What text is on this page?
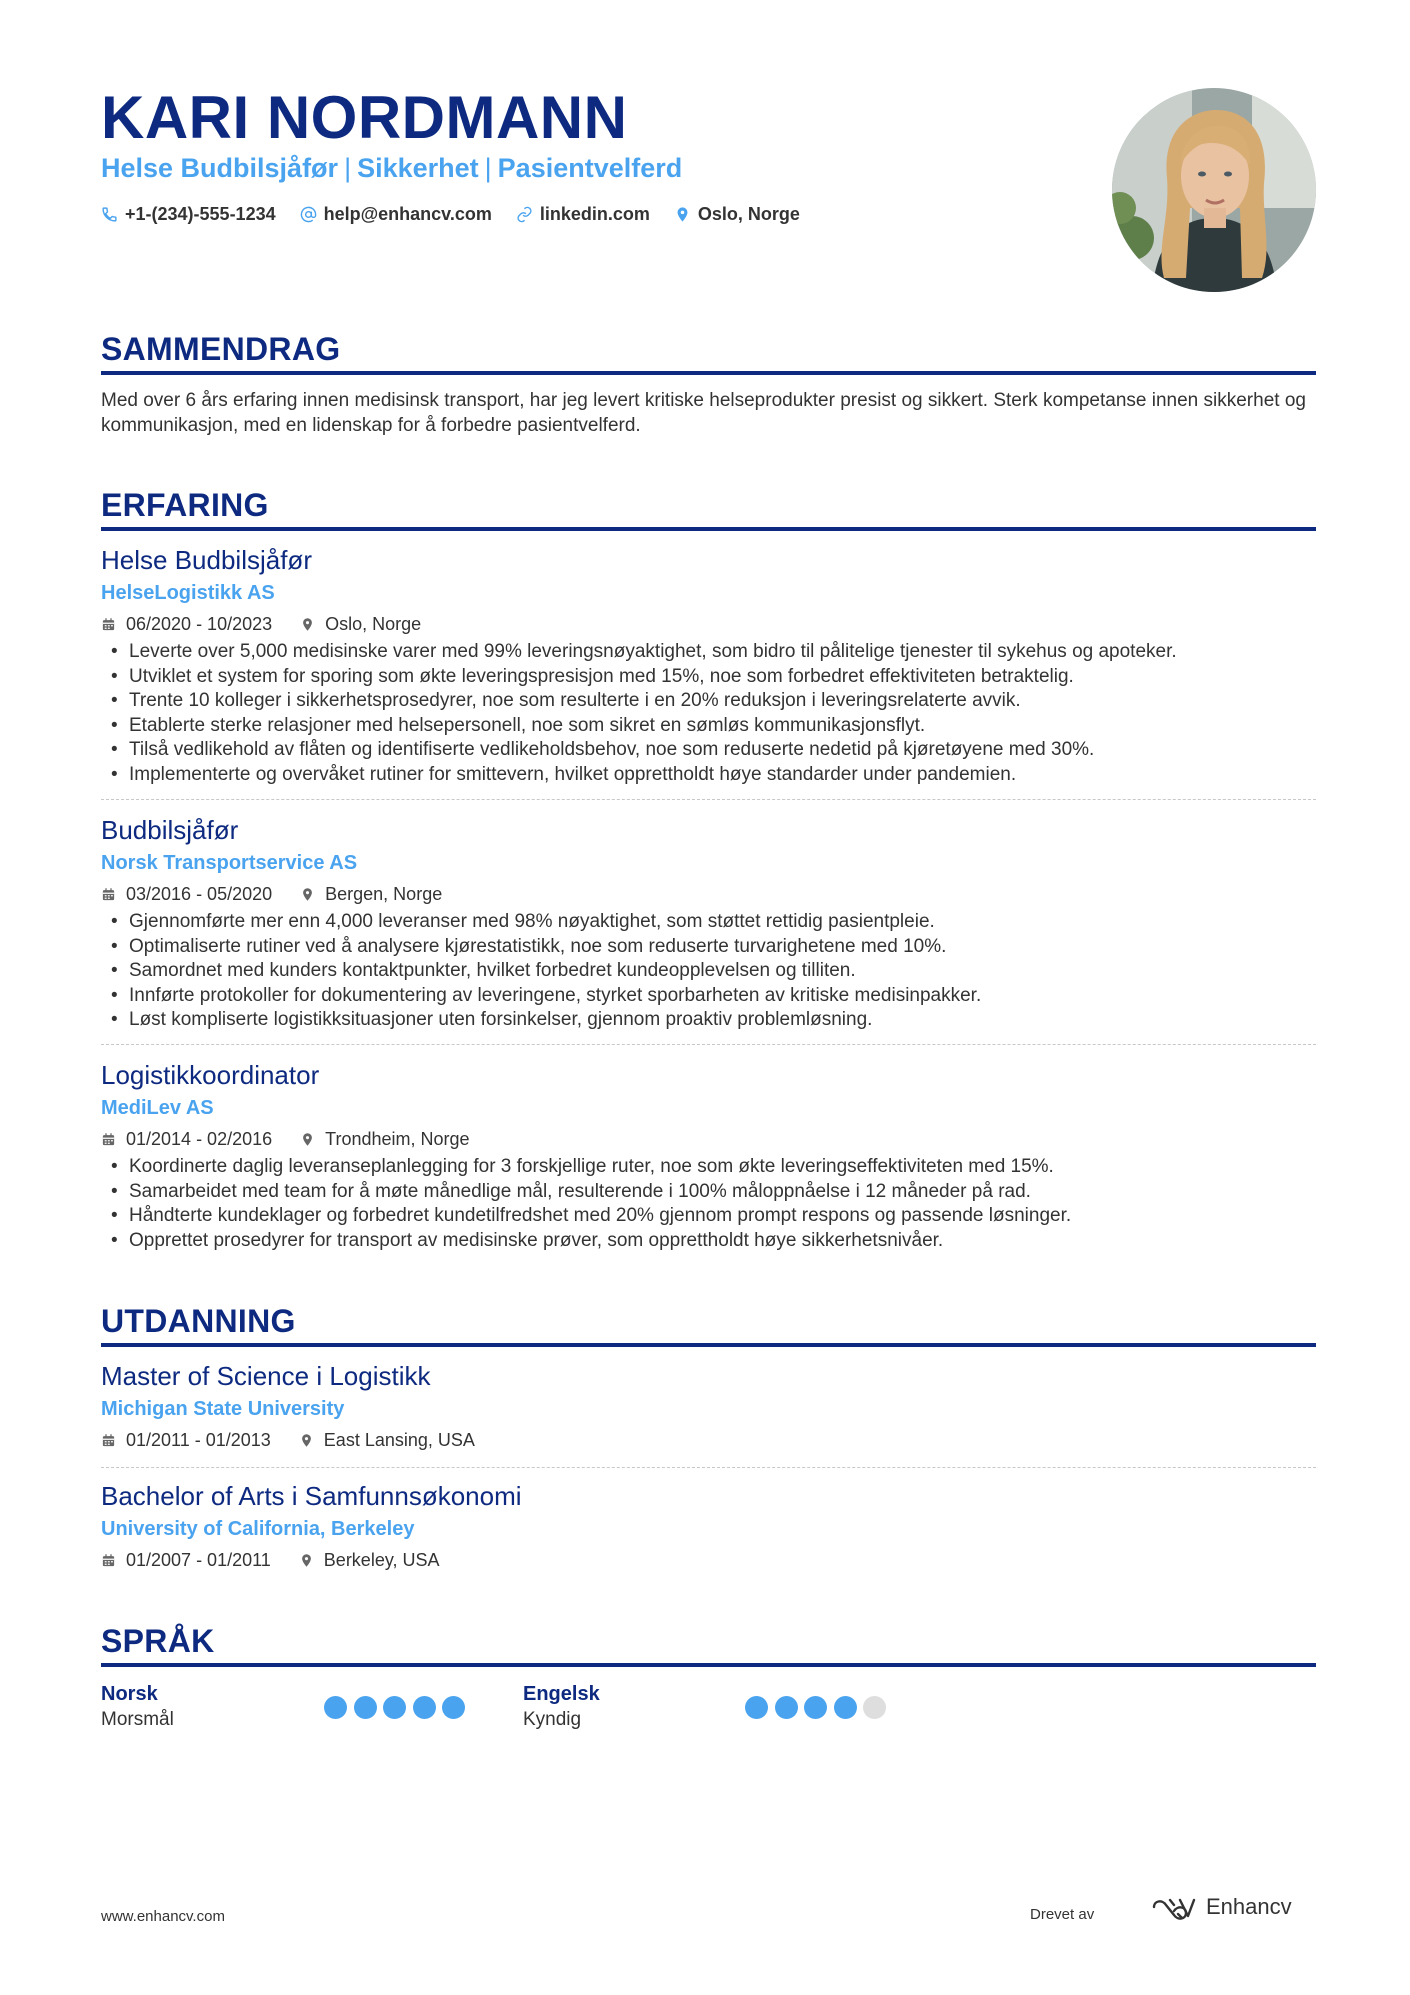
KARI NORDMANN
Helse Budbilsjåfør | Sikkerhet | Pasientvelferd
+1-(234)-555-1234	help@enhancv.com	linkedin.com	Oslo, Norge
SAMMENDRAG
Med over 6 års erfaring innen medisinsk transport, har jeg levert kritiske helseprodukter presist og sikkert. Sterk kompetanse innen sikkerhet og kommunikasjon, med en lidenskap for å forbedre pasientvelferd.
ERFARING
Helse Budbilsjåfør
HelseLogistikk AS
06/2020 - 10/2023	Oslo, Norge
• Leverte over 5,000 medisinske varer med 99% leveringsnøyaktighet, som bidro til pålitelige tjenester til sykehus og apoteker.
• Utviklet et system for sporing som økte leveringspresisjon med 15%, noe som forbedret effektiviteten betraktelig.
• Trente 10 kolleger i sikkerhetsprosedyrer, noe som resulterte i en 20% reduksjon i leveringsrelaterte avvik.
• Etablerte sterke relasjoner med helsepersonell, noe som sikret en sømløs kommunikasjonsflyt.
• Tilså vedlikehold av flåten og identifiserte vedlikeholdsbehov, noe som reduserte nedetid på kjøretøyene med 30%.
• Implementerte og overvåket rutiner for smittevern, hvilket opprettholdt høye standarder under pandemien.
Budbilsjåfør
Norsk Transportservice AS
03/2016 - 05/2020	Bergen, Norge
• Gjennomførte mer enn 4,000 leveranser med 98% nøyaktighet, som støttet rettidig pasientpleie.
• Optimaliserte rutiner ved å analysere kjørestatistikk, noe som reduserte turvarighetene med 10%.
• Samordnet med kunders kontaktpunkter, hvilket forbedret kundeopplevelsen og tilliten.
• Innførte protokoller for dokumentering av leveringene, styrket sporbarheten av kritiske medisinpakker.
• Løst kompliserte logistikksituasjoner uten forsinkelser, gjennom proaktiv problemløsning.
Logistikkoordinator
MediLev AS
01/2014 - 02/2016	Trondheim, Norge
• Koordinerte daglig leveranseplanlegging for 3 forskjellige ruter, noe som økte leveringseffektiviteten med 15%.
• Samarbeidet med team for å møte månedlige mål, resulterende i 100% måloppnåelse i 12 måneder på rad.
• Håndterte kundeklager og forbedret kundetilfredshet med 20% gjennom prompt respons og passende løsninger.
• Opprettet prosedyrer for transport av medisinske prøver, som opprettholdt høye sikkerhetsnivåer.
UTDANNING
Master of Science i Logistikk
Michigan State University
01/2011 - 01/2013	East Lansing, USA
Bachelor of Arts i Samfunnsøkonomi
University of California, Berkeley
01/2007 - 01/2011	Berkeley, USA
SPRÅK
Norsk
Morsmål
Engelsk
Kyndig
www.enhancv.com	Drevet av	Enhancv
